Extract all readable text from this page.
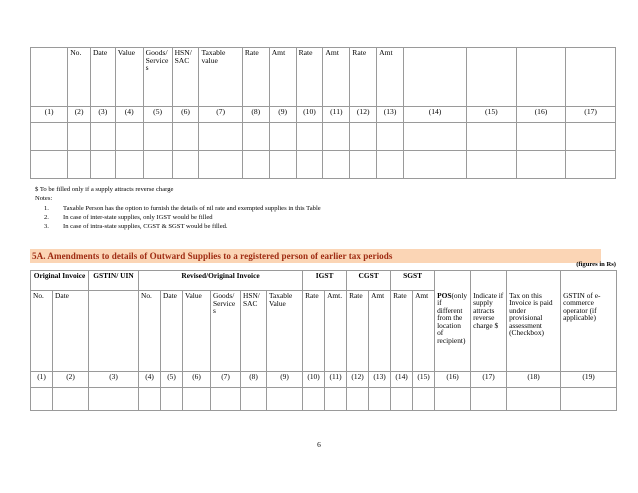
	No.	Date	Value	Goods/ Service s	HSN/ SAC	Taxable value	Rate	Amt	Rate	Amt	Rate	Amt				
(1)	(2)	(3)	(4)	(5)	(6)	(7)	(8)	(9)	(10)	(11)	(12)	(13)	(14)	(15)	(16)	(17)

$ To be filled only if a supply attracts reverse charge
Notes:
1. Taxable Person has the option to furnish the details of nil rate and exempted supplies in this Table
2. In case of inter-state supplies, only IGST would be filled
3. In case of intra-state supplies, CGST & SGST would be filled.
5A. Amendments to details of Outward Supplies to a registered person of earlier tax periods
(figures in Rs)
Original Invoice		GSTIN/ UIN	Revised/Original Invoice						IGST		CGST		SGST					
No.	Date		No.	Date	Value	Goods/ Service s	HSN/ SAC	Taxable Value	Rate	Amt.	Rate	Amt	Rate	Amt	POS(only if different from the location of recipient)	Indicate if supply attracts reverse charge $	Tax on this Invoice is paid under provisional assessment (Checkbox)	GSTIN of e-commerce operator (if applicable)
(1)	(2)	(3)	(4)	(5)	(6)	(7)	(8)	(9)	(10)	(11)	(12)	(13)	(14)	(15)	(16)	(17)	(18)	(19)

6
